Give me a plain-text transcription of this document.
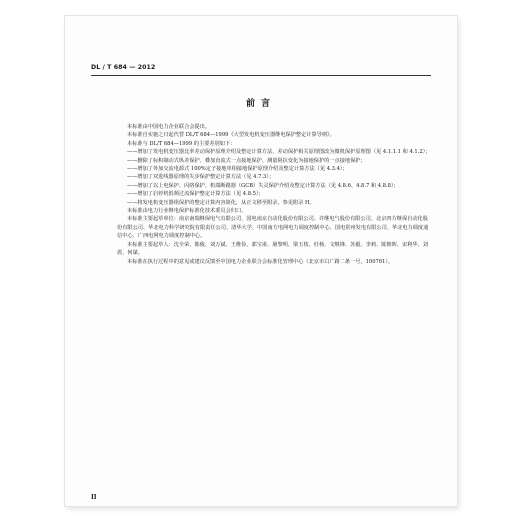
DL / T 684 — 2012
前言

本标准由中国电力企业联合会提出。

本标准自实施之日起代替 DL/T 684—1999《大型发电机变压器继电保护整定计算导则》。

本标准与 DL/T 684—1999 的主要差别如下：

——增加了发电机变压器比率差动保护原理介绍及整定计算方法，差动保护相关原理图改为微机保护原理图（见 4.1.1.1 和 4.1.2）；

——删除了标积制动式纵差保护、叠加直流式一点接地保护、测量阻抗变化为接地保护的一点接地保护；

——增加了外加交流电源式 100%定子接地单相接地保护原理介绍及整定计算方法（见 4.3.4）；

——增加了双进线器原理的失步保护整定计算方法（见 4.7.3）；

——增加了以上电保护、闪络保护、机端断路器（GCB）失灵保护介绍及整定计算方法（见 4.8.6、4.8.7 和 4.8.8）；

——增加了启停机低频过流保护整定计算方法（见 4.8.5）；

——将发电机变压器组保护的整定计算内容简化，从正文移至附录，参见附录 H。

本标准由电力行业继电保护标准化技术委员会归口。

本标准主要起草单位：南京南瑞继保电气有限公司、国电南京自动化股份有限公司、许继电气股份有限公司、北京四方继保自动化股份有限公司、华北电力科学研究院有限责任公司、清华大学、中国南方电网电力调度控制中心、国电常州发电有限公司、华北电力调度通信中心、广西电网电力调度控制中心。

本标准主要起草人：沈全荣、陈俊、刘万斌、王维俭、郭宝甫、屠黎明、梁玉枝、杜杨、文继锋、苏毅、李莉、陈朝晖、宋利华、刘震、何谋。

本标准在执行过程中的意见或建议反馈至中国电力企业联合会标准化管理中心（北京市白广路二条一号，100761）。

II
